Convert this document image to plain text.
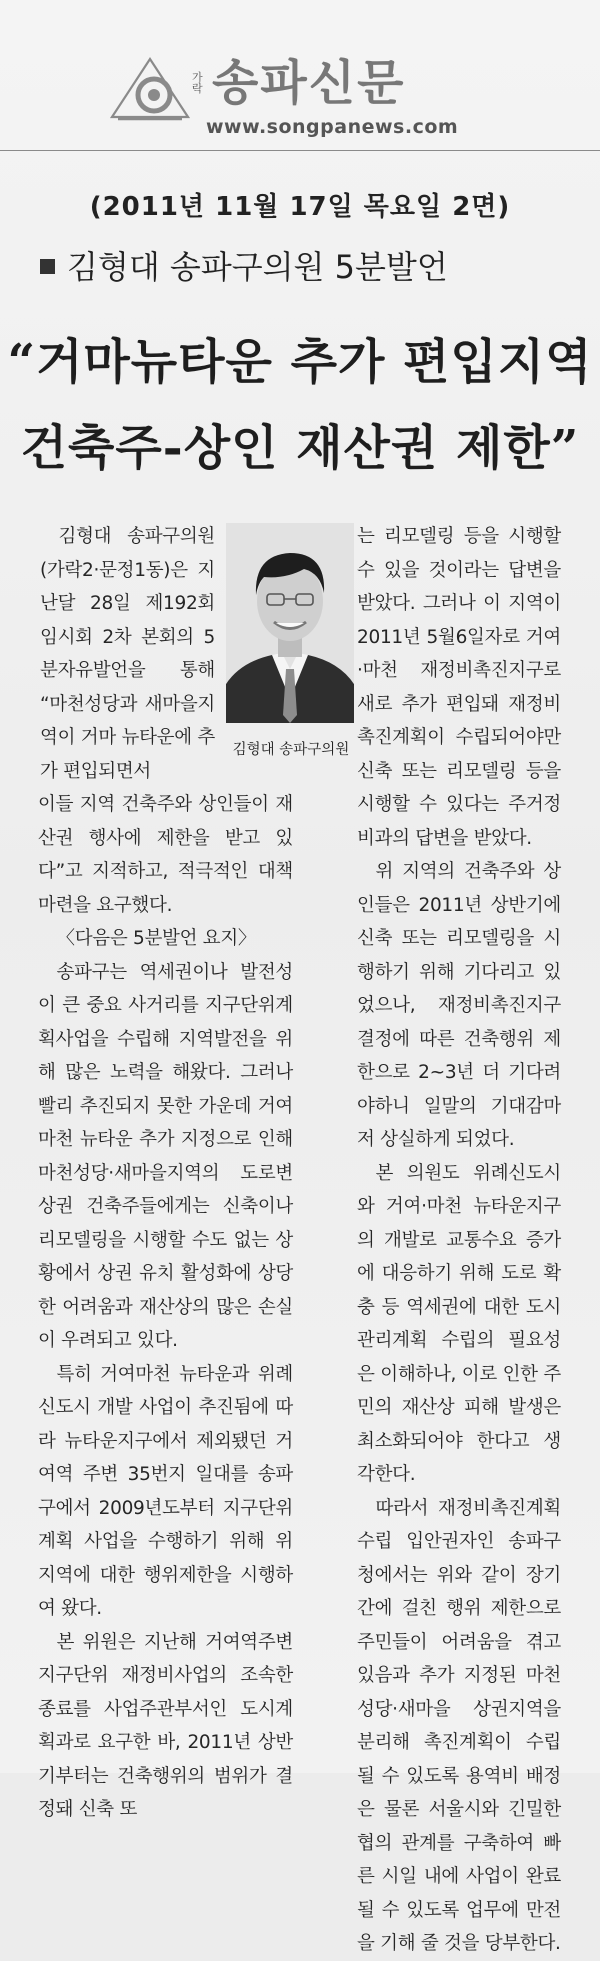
가락 송파신문
www.songpanews.com
(2011년 11월 17일 목요일 2면)
김형대 송파구의원 5분발언
“거마뉴타운 추가 편입지역
건축주-상인 재산권 제한”

김형대 송파구의원(가락2·문정1동)은 지난달 28일 제192회 임시회 2차 본회의 5분자유발언을 통해 “마천성당과 새마을지역이 거마 뉴타운에 추가 편입되면서

김형대 송파구의원

이들 지역 건축주와 상인들이 재산권 행사에 제한을 받고 있다”고 지적하고, 적극적인 대책 마련을 요구했다.

〈다음은 5분발언 요지〉

송파구는 역세권이나 발전성이 큰 중요 사거리를 지구단위계획사업을 수립해 지역발전을 위해 많은 노력을 해왔다. 그러나 빨리 추진되지 못한 가운데 거여마천 뉴타운 추가 지정으로 인해 마천성당·새마을지역의 도로변 상권 건축주들에게는 신축이나 리모델링을 시행할 수도 없는 상황에서 상권 유치 활성화에 상당한 어려움과 재산상의 많은 손실이 우려되고 있다.

특히 거여마천 뉴타운과 위례신도시 개발 사업이 추진됨에 따라 뉴타운지구에서 제외됐던 거여역 주변 35번지 일대를 송파구에서 2009년도부터 지구단위계획 사업을 수행하기 위해 위 지역에 대한 행위제한을 시행하여 왔다.

본 위원은 지난해 거여역주변 지구단위 재정비사업의 조속한 종료를 사업주관부서인 도시계획과로 요구한 바, 2011년 상반기부터는 건축행위의 범위가 결정돼 신축 또

는 리모델링 등을 시행할 수 있을 것이라는 답변을 받았다. 그러나 이 지역이 2011년 5월6일자로 거여·마천 재정비촉진지구로 새로 추가 편입돼 재정비촉진계획이 수립되어야만 신축 또는 리모델링 등을 시행할 수 있다는 주거정비과의 답변을 받았다.

위 지역의 건축주와 상인들은 2011년 상반기에 신축 또는 리모델링을 시행하기 위해 기다리고 있었으나, 재정비촉진지구 결정에 따른 건축행위 제한으로 2~3년 더 기다려야하니 일말의 기대감마저 상실하게 되었다.

본 의원도 위례신도시와 거여·마천 뉴타운지구의 개발로 교통수요 증가에 대응하기 위해 도로 확충 등 역세권에 대한 도시관리계획 수립의 필요성은 이해하나, 이로 인한 주민의 재산상 피해 발생은 최소화되어야 한다고 생각한다.

따라서 재정비촉진계획 수립 입안권자인 송파구청에서는 위와 같이 장기간에 걸친 행위 제한으로 주민들이 어려움을 겪고 있음과 추가 지정된 마천성당·새마을 상권지역을 분리해 촉진계획이 수립될 수 있도록 용역비 배정은 물론 서울시와 긴밀한 협의 관계를 구축하여 빠른 시일 내에 사업이 완료될 수 있도록 업무에 만전을 기해 줄 것을 당부한다.
